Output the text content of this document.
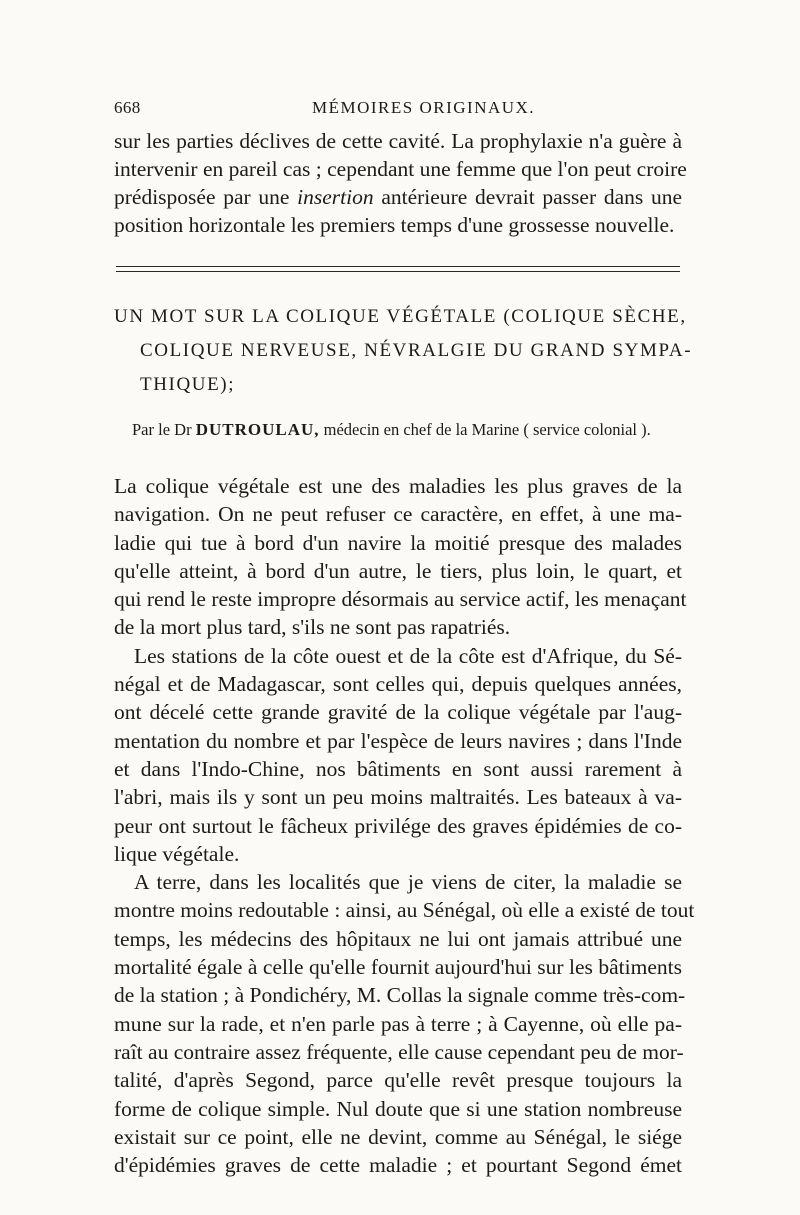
668	MÉMOIRES ORIGINAUX.
sur les parties déclives de cette cavité. La prophylaxie n'a guère à
intervenir en pareil cas ; cependant une femme que l'on peut croire
prédisposée par une insertion antérieure devrait passer dans une
position horizontale les premiers temps d'une grossesse nouvelle.
UN MOT SUR LA COLIQUE VÉGÉTALE (COLIQUE SÈCHE,
COLIQUE NERVEUSE, NÉVRALGIE DU GRAND SYMPA-
THIQUE);
Par le Dr DUTROULAU, médecin en chef de la Marine ( service colonial ).
La colique végétale est une des maladies les plus graves de la
navigation. On ne peut refuser ce caractère, en effet, à une ma-
ladie qui tue à bord d'un navire la moitié presque des malades
qu'elle atteint, à bord d'un autre, le tiers, plus loin, le quart, et
qui rend le reste impropre désormais au service actif, les menaçant
de la mort plus tard, s'ils ne sont pas rapatriés.
Les stations de la côte ouest et de la côte est d'Afrique, du Sé-
négal et de Madagascar, sont celles qui, depuis quelques années,
ont décelé cette grande gravité de la colique végétale par l'aug-
mentation du nombre et par l'espèce de leurs navires ; dans l'Inde
et dans l'Indo-Chine, nos bâtiments en sont aussi rarement à
l'abri, mais ils y sont un peu moins maltraités. Les bateaux à va-
peur ont surtout le fâcheux privilége des graves épidémies de co-
lique végétale.
A terre, dans les localités que je viens de citer, la maladie se
montre moins redoutable : ainsi, au Sénégal, où elle a existé de tout
temps, les médecins des hôpitaux ne lui ont jamais attribué une
mortalité égale à celle qu'elle fournit aujourd'hui sur les bâtiments
de la station ; à Pondichéry, M. Collas la signale comme très-com-
mune sur la rade, et n'en parle pas à terre ; à Cayenne, où elle pa-
raît au contraire assez fréquente, elle cause cependant peu de mor-
talité, d'après Segond, parce qu'elle revêt presque toujours la
forme de colique simple. Nul doute que si une station nombreuse
existait sur ce point, elle ne devint, comme au Sénégal, le siége
d'épidémies graves de cette maladie ; et pourtant Segond émet
